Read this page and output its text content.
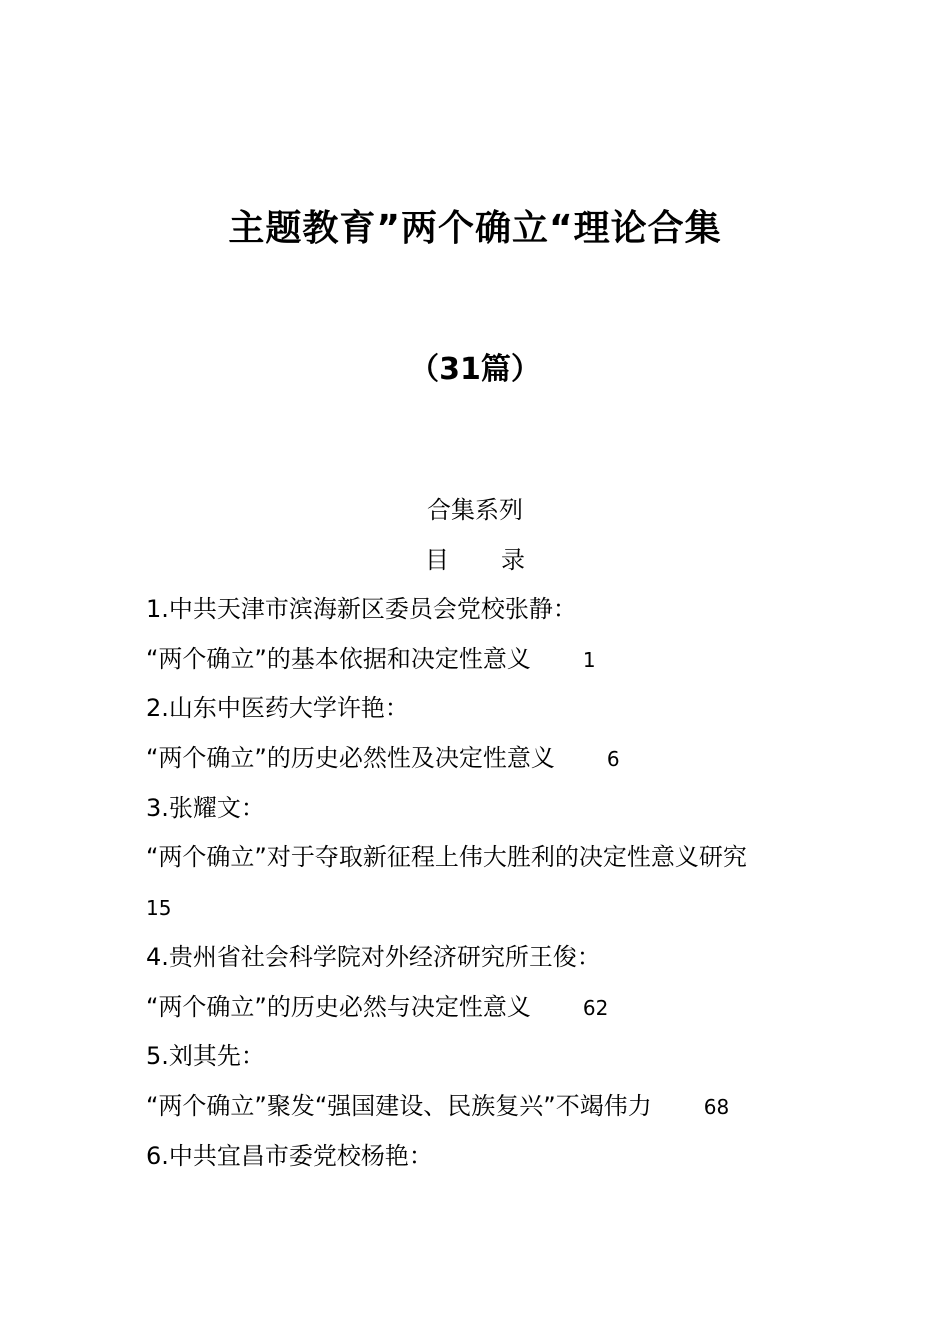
主题教育”两个确立“理论合集
（31篇）
合集系列
目 录
1.中共天津市滨海新区委员会党校张静：
“两个确立”的基本依据和决定性意义	1
2.山东中医药大学许艳：
“两个确立”的历史必然性及决定性意义	6
3.张耀文：
“两个确立”对于夺取新征程上伟大胜利的决定性意义研究
15
4.贵州省社会科学院对外经济研究所王俊：
“两个确立”的历史必然与决定性意义	62
5.刘其先：
“两个确立”聚发“强国建设、民族复兴”不竭伟力	68
6.中共宜昌市委党校杨艳：
